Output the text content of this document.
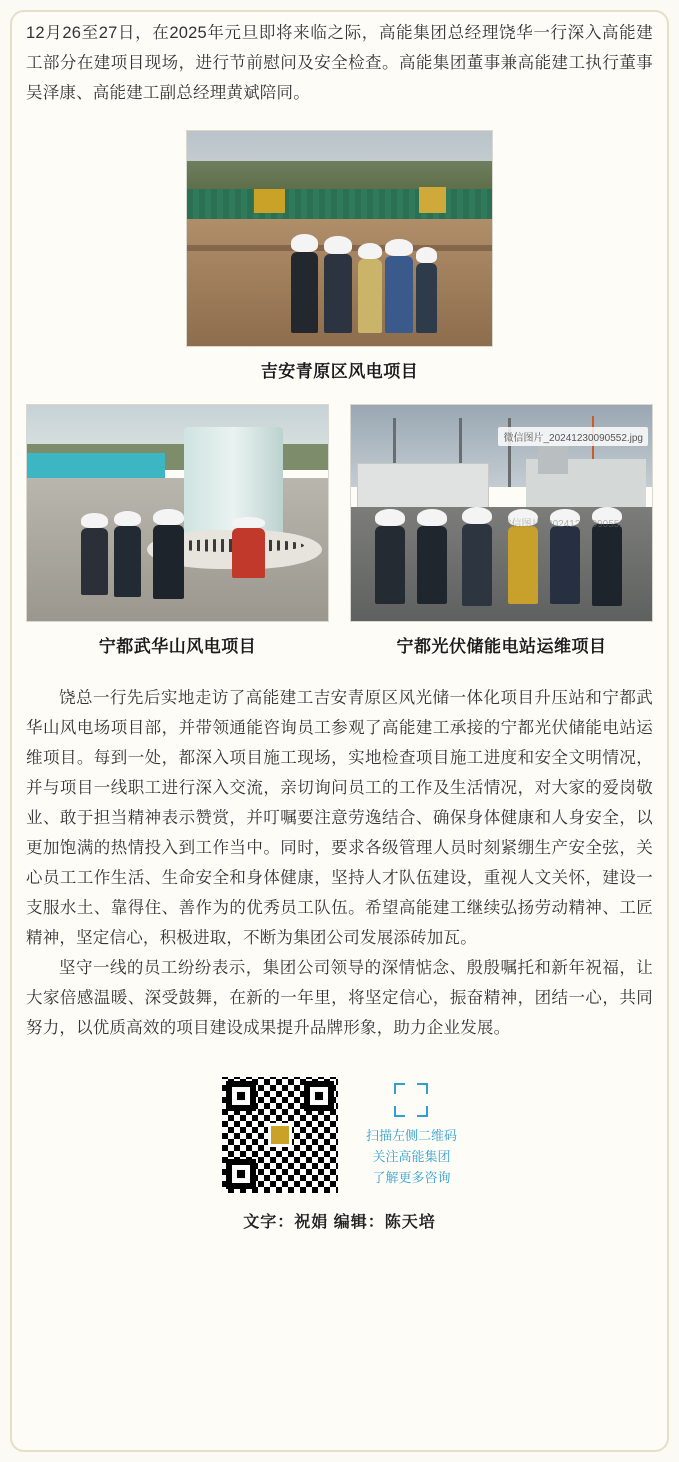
12月26至27日，在2025年元旦即将来临之际，高能集团总经理饶华一行深入高能建工部分在建项目现场，进行节前慰问及安全检查。高能集团董事兼高能建工执行董事吴泽康、高能建工副总经理黄斌陪同。

吉安青原区风电项目
宁都武华山风电项目
微信图片_20241230090552.jpg
微信图片_20241230090552.jpg
宁都光伏储能电站运维项目

饶总一行先后实地走访了高能建工吉安青原区风光储一体化项目升压站和宁都武华山风电场项目部，并带领通能咨询员工参观了高能建工承接的宁都光伏储能电站运维项目。每到一处，都深入项目施工现场，实地检查项目施工进度和安全文明情况，并与项目一线职工进行深入交流，亲切询问员工的工作及生活情况，对大家的爱岗敬业、敢于担当精神表示赞赏，并叮嘱要注意劳逸结合、确保身体健康和人身安全，以更加饱满的热情投入到工作当中。同时，要求各级管理人员时刻紧绷生产安全弦，关心员工工作生活、生命安全和身体健康，坚持人才队伍建设，重视人文关怀，建设一支服水土、靠得住、善作为的优秀员工队伍。希望高能建工继续弘扬劳动精神、工匠精神，坚定信心，积极进取，不断为集团公司发展添砖加瓦。

坚守一线的员工纷纷表示，集团公司领导的深情惦念、殷殷嘱托和新年祝福，让大家倍感温暖、深受鼓舞，在新的一年里，将坚定信心，振奋精神，团结一心，共同努力，以优质高效的项目建设成果提升品牌形象，助力企业发展。

扫描左侧二维码
关注高能集团
了解更多咨询
文字：祝娟 编辑：陈天培
